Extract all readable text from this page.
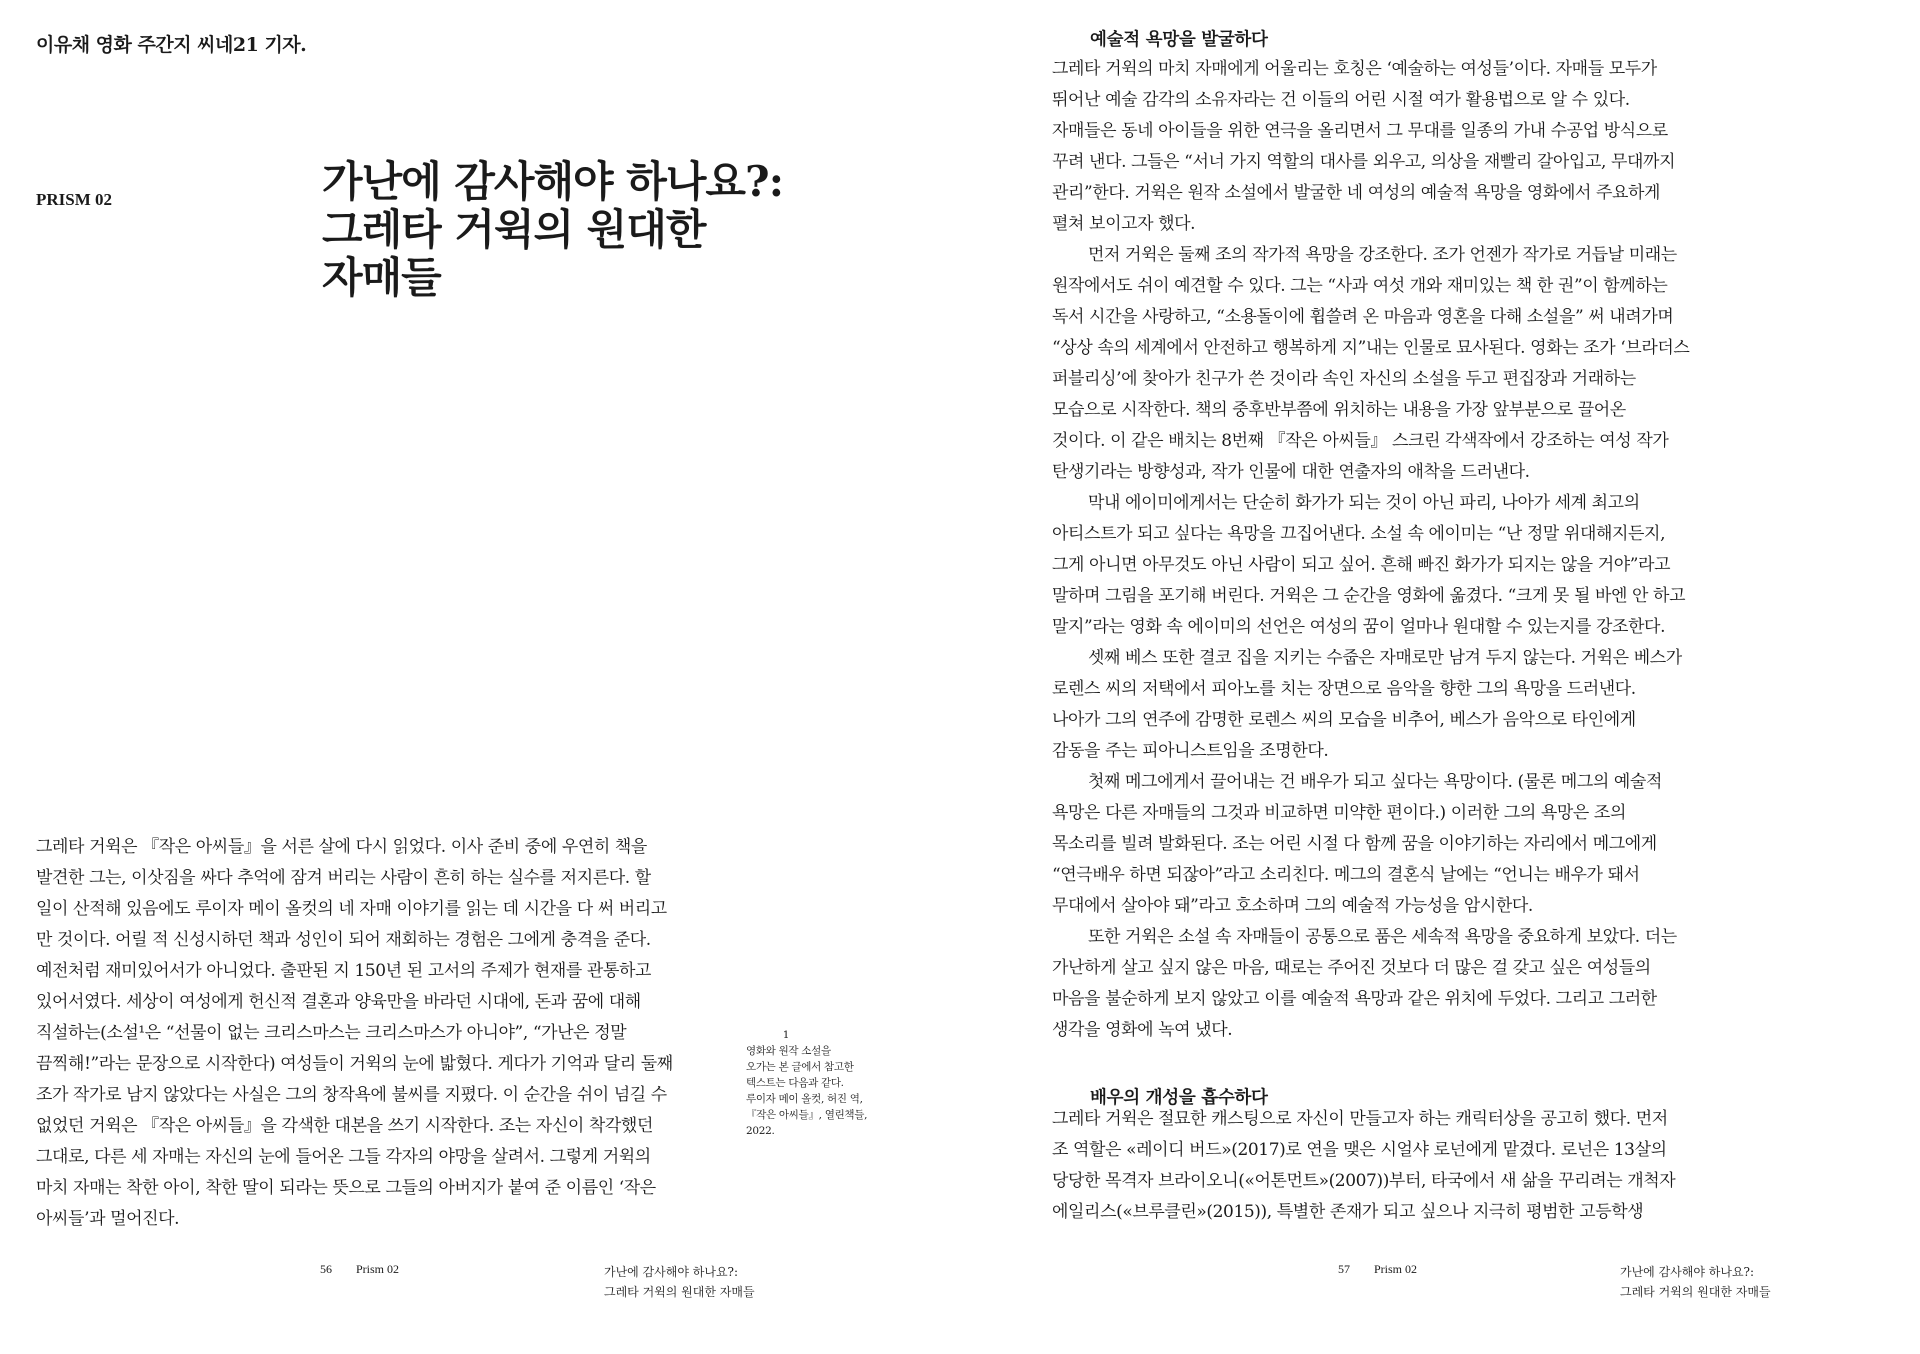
이유채 영화 주간지 씨네21 기자.
PRISM 02	가난에 감사해야 하나요?:
그레타 거윅의 원대한
자매들
그레타 거윅은 『작은 아씨들』을 서른 살에 다시 읽었다. 이사 준비 중에 우연히 책을
발견한 그는, 이삿짐을 싸다 추억에 잠겨 버리는 사람이 흔히 하는 실수를 저지른다. 할
일이 산적해 있음에도 루이자 메이 올컷의 네 자매 이야기를 읽는 데 시간을 다 써 버리고
만 것이다. 어릴 적 신성시하던 책과 성인이 되어 재회하는 경험은 그에게 충격을 준다.
예전처럼 재미있어서가 아니었다. 출판된 지 150년 된 고서의 주제가 현재를 관통하고
있어서였다. 세상이 여성에게 헌신적 결혼과 양육만을 바라던 시대에, 돈과 꿈에 대해
직설하는(소설¹은 “선물이 없는 크리스마스는 크리스마스가 아니야”, “가난은 정말
끔찍해!”라는 문장으로 시작한다) 여성들이 거윅의 눈에 밟혔다. 게다가 기억과 달리 둘째
조가 작가로 남지 않았다는 사실은 그의 창작욕에 불씨를 지폈다. 이 순간을 쉬이 넘길 수
없었던 거윅은 『작은 아씨들』을 각색한 대본을 쓰기 시작한다. 조는 자신이 착각했던
그대로, 다른 세 자매는 자신의 눈에 들어온 그들 각자의 야망을 살려서. 그렇게 거윅의
마치 자매는 착한 아이, 착한 딸이 되라는 뜻으로 그들의 아버지가 붙여 준 이름인 ‘작은
아씨들’과 멀어진다.
1
영화와 원작 소설을
오가는 본 글에서 참고한
텍스트는 다음과 같다.
루이자 메이 올컷, 허진 역,
『작은 아씨들』, 열린책들,
2022.
56 Prism 02	가난에 감사해야 하나요?:
그레타 거윅의 원대한 자매들
예술적 욕망을 발굴하다
그레타 거윅의 마치 자매에게 어울리는 호칭은 ‘예술하는 여성들’이다. 자매들 모두가
뛰어난 예술 감각의 소유자라는 건 이들의 어린 시절 여가 활용법으로 알 수 있다.
자매들은 동네 아이들을 위한 연극을 올리면서 그 무대를 일종의 가내 수공업 방식으로
꾸려 낸다. 그들은 “서너 가지 역할의 대사를 외우고, 의상을 재빨리 갈아입고, 무대까지
관리”한다. 거윅은 원작 소설에서 발굴한 네 여성의 예술적 욕망을 영화에서 주요하게
펼쳐 보이고자 했다.
먼저 거윅은 둘째 조의 작가적 욕망을 강조한다. 조가 언젠가 작가로 거듭날 미래는
원작에서도 쉬이 예견할 수 있다. 그는 “사과 여섯 개와 재미있는 책 한 권”이 함께하는
독서 시간을 사랑하고, “소용돌이에 휩쓸려 온 마음과 영혼을 다해 소설을” 써 내려가며
“상상 속의 세계에서 안전하고 행복하게 지”내는 인물로 묘사된다. 영화는 조가 ‘브라더스
퍼블리싱’에 찾아가 친구가 쓴 것이라 속인 자신의 소설을 두고 편집장과 거래하는
모습으로 시작한다. 책의 중후반부쯤에 위치하는 내용을 가장 앞부분으로 끌어온
것이다. 이 같은 배치는 8번째 『작은 아씨들』 스크린 각색작에서 강조하는 여성 작가
탄생기라는 방향성과, 작가 인물에 대한 연출자의 애착을 드러낸다.
막내 에이미에게서는 단순히 화가가 되는 것이 아닌 파리, 나아가 세계 최고의
아티스트가 되고 싶다는 욕망을 끄집어낸다. 소설 속 에이미는 “난 정말 위대해지든지,
그게 아니면 아무것도 아닌 사람이 되고 싶어. 흔해 빠진 화가가 되지는 않을 거야”라고
말하며 그림을 포기해 버린다. 거윅은 그 순간을 영화에 옮겼다. “크게 못 될 바엔 안 하고
말지”라는 영화 속 에이미의 선언은 여성의 꿈이 얼마나 원대할 수 있는지를 강조한다.
셋째 베스 또한 결코 집을 지키는 수줍은 자매로만 남겨 두지 않는다. 거윅은 베스가
로렌스 씨의 저택에서 피아노를 치는 장면으로 음악을 향한 그의 욕망을 드러낸다.
나아가 그의 연주에 감명한 로렌스 씨의 모습을 비추어, 베스가 음악으로 타인에게
감동을 주는 피아니스트임을 조명한다.
첫째 메그에게서 끌어내는 건 배우가 되고 싶다는 욕망이다. (물론 메그의 예술적
욕망은 다른 자매들의 그것과 비교하면 미약한 편이다.) 이러한 그의 욕망은 조의
목소리를 빌려 발화된다. 조는 어린 시절 다 함께 꿈을 이야기하는 자리에서 메그에게
“연극배우 하면 되잖아”라고 소리친다. 메그의 결혼식 날에는 “언니는 배우가 돼서
무대에서 살아야 돼”라고 호소하며 그의 예술적 가능성을 암시한다.
또한 거윅은 소설 속 자매들이 공통으로 품은 세속적 욕망을 중요하게 보았다. 더는
가난하게 살고 싶지 않은 마음, 때로는 주어진 것보다 더 많은 걸 갖고 싶은 여성들의
마음을 불순하게 보지 않았고 이를 예술적 욕망과 같은 위치에 두었다. 그리고 그러한
생각을 영화에 녹여 냈다.
배우의 개성을 흡수하다
그레타 거윅은 절묘한 캐스팅으로 자신이 만들고자 하는 캐릭터상을 공고히 했다. 먼저
조 역할은 «레이디 버드»(2017)로 연을 맺은 시얼샤 로넌에게 맡겼다. 로넌은 13살의
당당한 목격자 브라이오니(«어톤먼트»(2007))부터, 타국에서 새 삶을 꾸리려는 개척자
에일리스(«브루클린»(2015)), 특별한 존재가 되고 싶으나 지극히 평범한 고등학생
57 Prism 02	가난에 감사해야 하나요?:
그레타 거윅의 원대한 자매들
